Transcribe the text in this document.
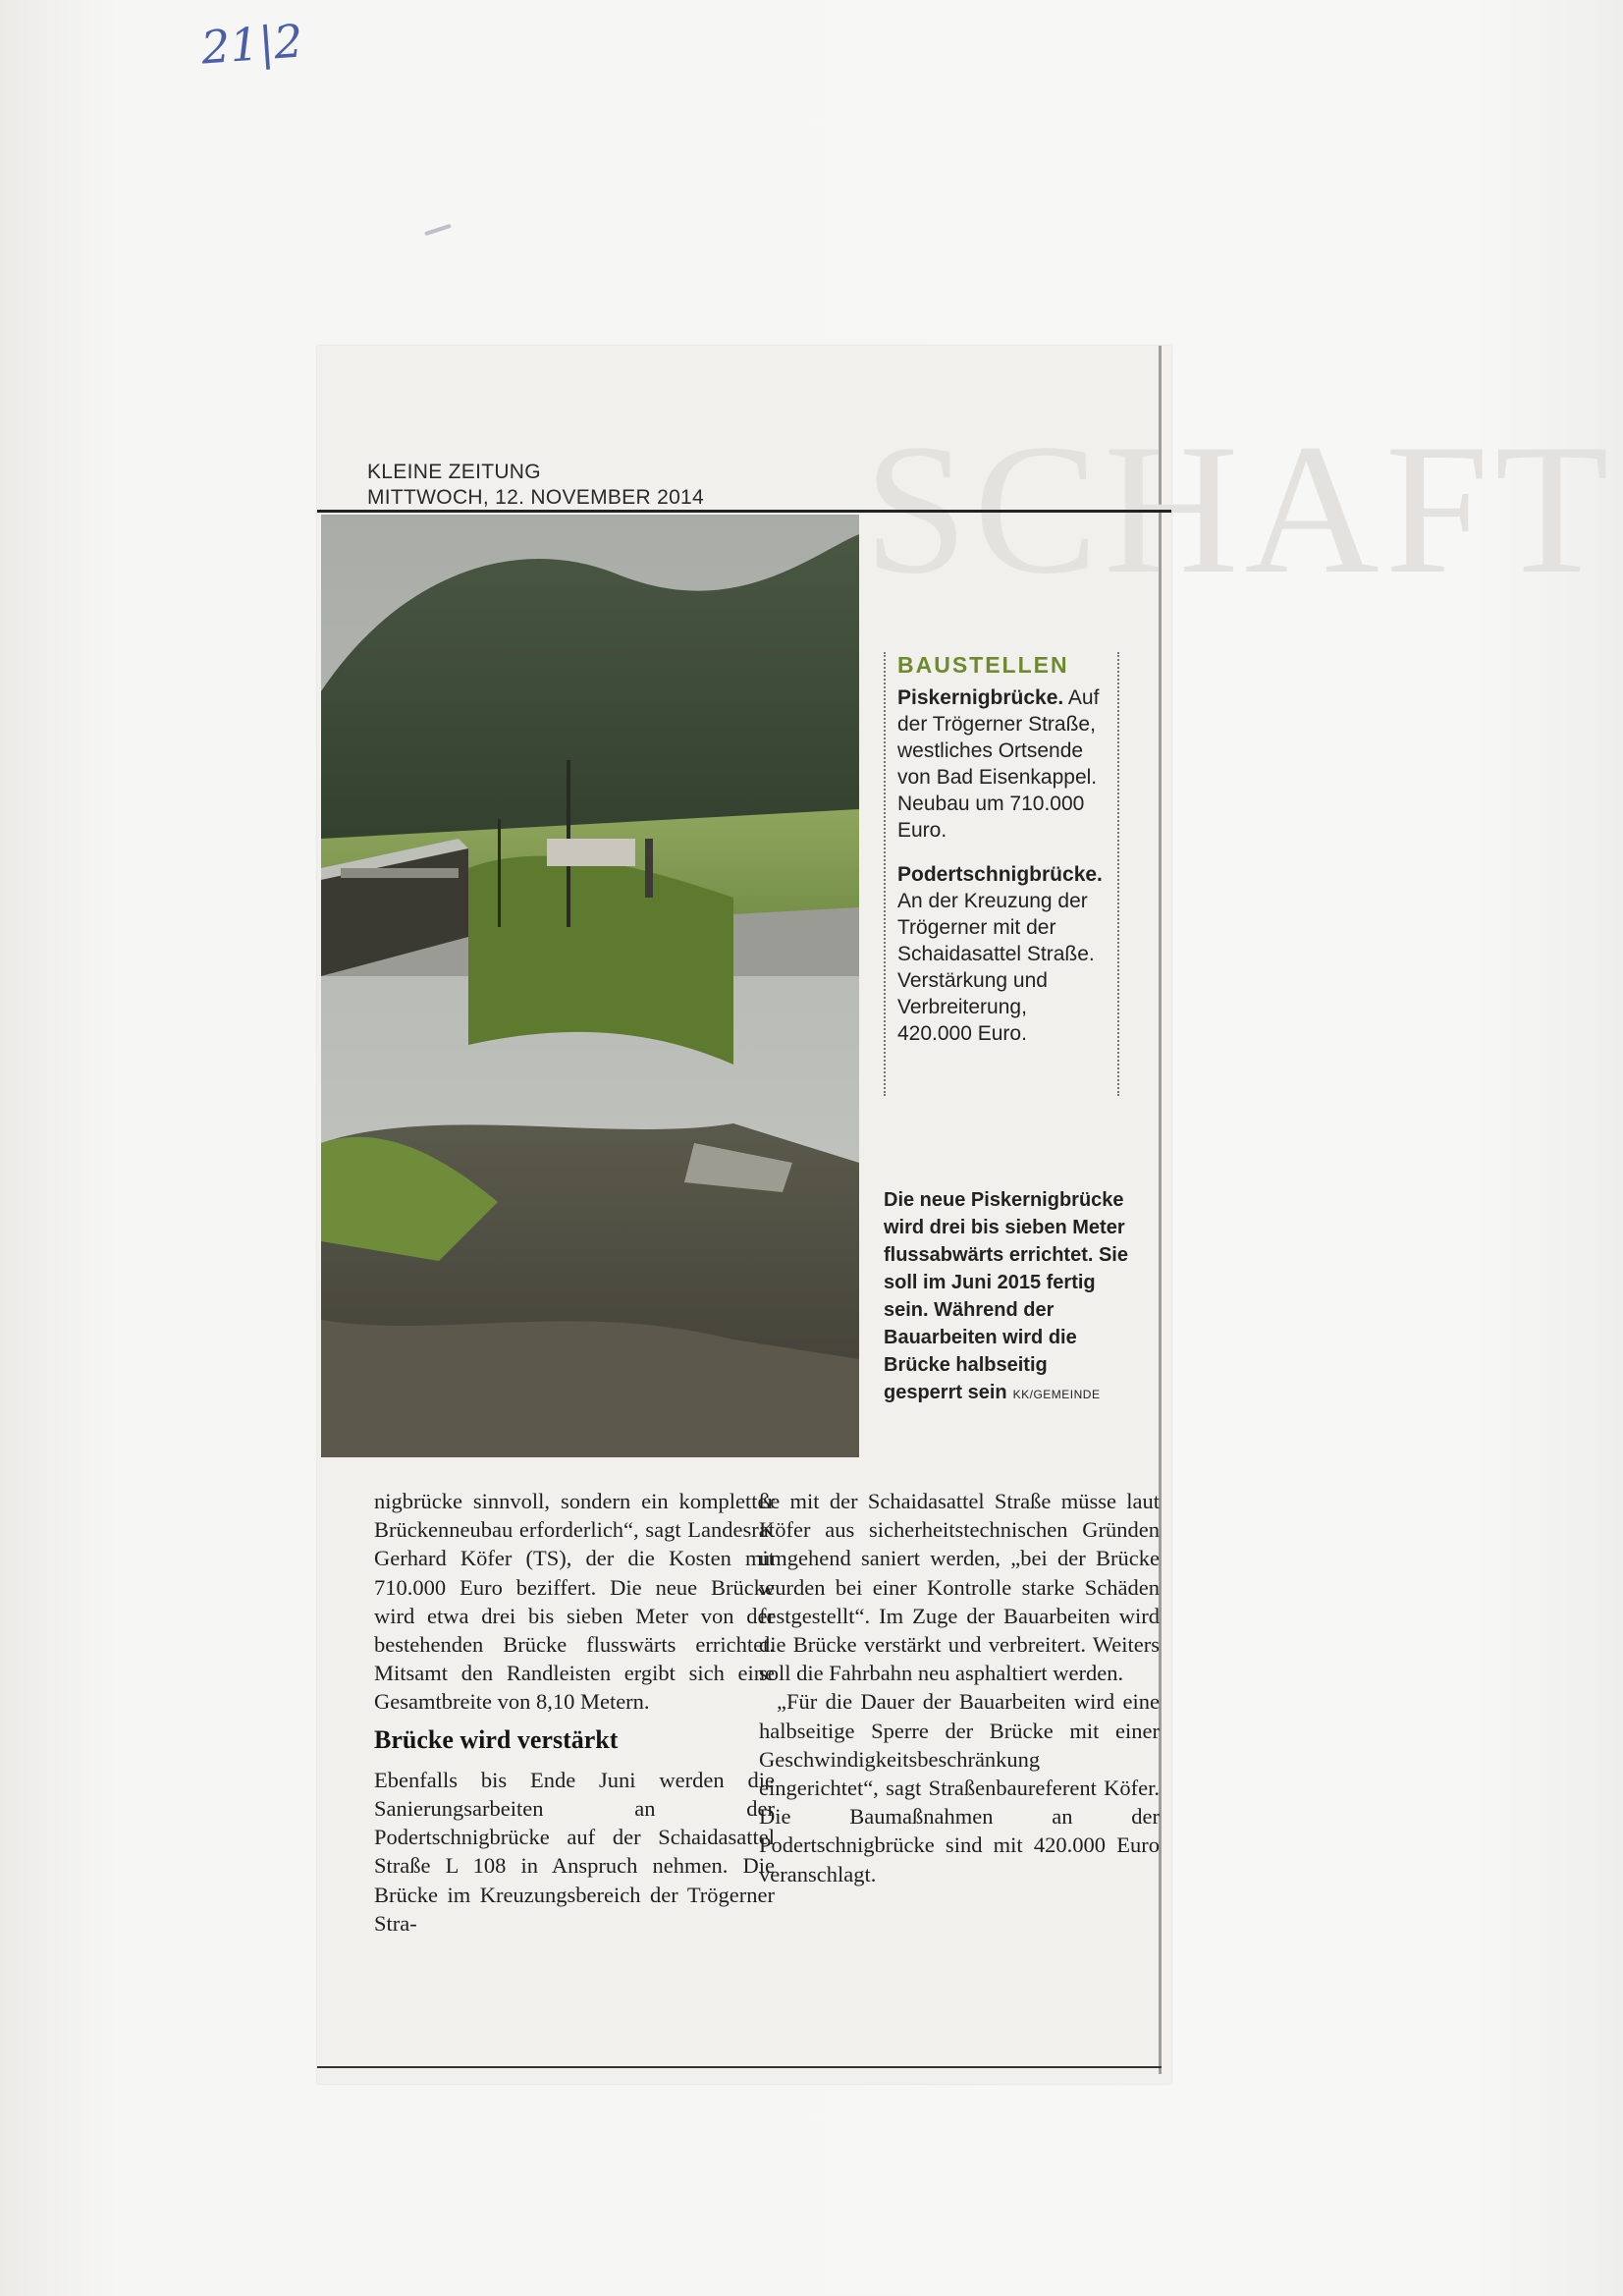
21|2
KLEINE ZEITUNG
MITTWOCH, 12. NOVEMBER 2014
BAUSTELLEN
Piskernigbrücke. Auf der Trögerner Straße, westliches Ortsende von Bad Eisenkappel. Neubau um 710.000 Euro.
Podertschnigbrücke. An der Kreuzung der Trögerner mit der Schaidasattel Straße. Verstärkung und Verbreiterung, 420.000 Euro.
Die neue Piskernigbrücke wird drei bis sieben Meter flussabwärts errichtet. Sie soll im Juni 2015 fertig sein. Während der Bauarbeiten wird die Brücke halbseitig gesperrt sein KK/GEMEINDE

nigbrücke sinnvoll, sondern ein kompletter Brückenneubau erforderlich“, sagt Landesrat Gerhard Köfer (TS), der die Kosten mit 710.000 Euro beziffert. Die neue Brücke wird etwa drei bis sieben Meter von der bestehenden Brücke flusswärts errichtet. Mitsamt den Randleisten ergibt sich eine Gesamtbreite von 8,10 Metern.

Brücke wird verstärkt

Ebenfalls bis Ende Juni werden die Sanierungsarbeiten an der Podertschnigbrücke auf der Schaidasattel Straße L 108 in Anspruch nehmen. Die Brücke im Kreuzungsbereich der Trögerner Stra-

ße mit der Schaidasattel Straße müsse laut Köfer aus sicherheitstechnischen Gründen umgehend saniert werden, „bei der Brücke wurden bei einer Kontrolle starke Schäden festgestellt“. Im Zuge der Bauarbeiten wird die Brücke verstärkt und verbreitert. Weiters soll die Fahrbahn neu asphaltiert werden.

„Für die Dauer der Bauarbeiten wird eine halbseitige Sperre der Brücke mit einer Geschwindigkeitsbeschränkung eingerichtet“, sagt Straßenbaureferent Köfer. Die Baumaßnahmen an der Podertschnigbrücke sind mit 420.000 Euro veranschlagt.
